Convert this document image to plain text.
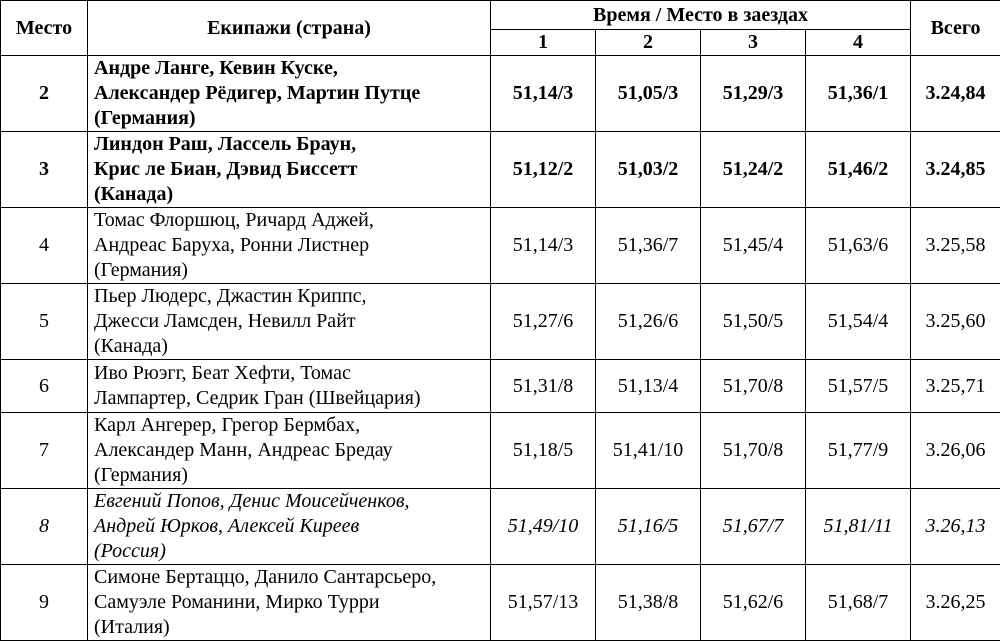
Место	Екипажи (страна)	Время / Место в заездах				Всего
		1	2	3	4	
2	Андре Ланге, Кевин Куске,
Александер Рёдигер, Мартин Путце
(Германия)	51,14/3	51,05/3	51,29/3	51,36/1	3.24,84
3	Линдон Раш, Лассель Браун,
Крис ле Биан, Дэвид Биссетт
(Канада)	51,12/2	51,03/2	51,24/2	51,46/2	3.24,85
4	Томас Флоршюц, Ричард Аджей,
Андреас Баруха, Ронни Листнер
(Германия)	51,14/3	51,36/7	51,45/4	51,63/6	3.25,58
5	Пьер Людерс, Джастин Криппс,
Джесси Ламсден, Невилл Райт
(Канада)	51,27/6	51,26/6	51,50/5	51,54/4	3.25,60
6	Иво Рюэгг, Беат Хефти, Томас
Лампартер, Седрик Гран (Швейцария)	51,31/8	51,13/4	51,70/8	51,57/5	3.25,71
7	Карл Ангерер, Грегор Бермбах,
Александер Манн, Андреас Бредау
(Германия)	51,18/5	51,41/10	51,70/8	51,77/9	3.26,06
8	Евгений Попов, Денис Моисейченков,
Андрей Юрков, Алексей Киреев
(Россия)	51,49/10	51,16/5	51,67/7	51,81/11	3.26,13
9	Симоне Бертаццо, Данило Сантарсьеро,
Самуэле Романини, Мирко Турри
(Италия)	51,57/13	51,38/8	51,62/6	51,68/7	3.26,25
